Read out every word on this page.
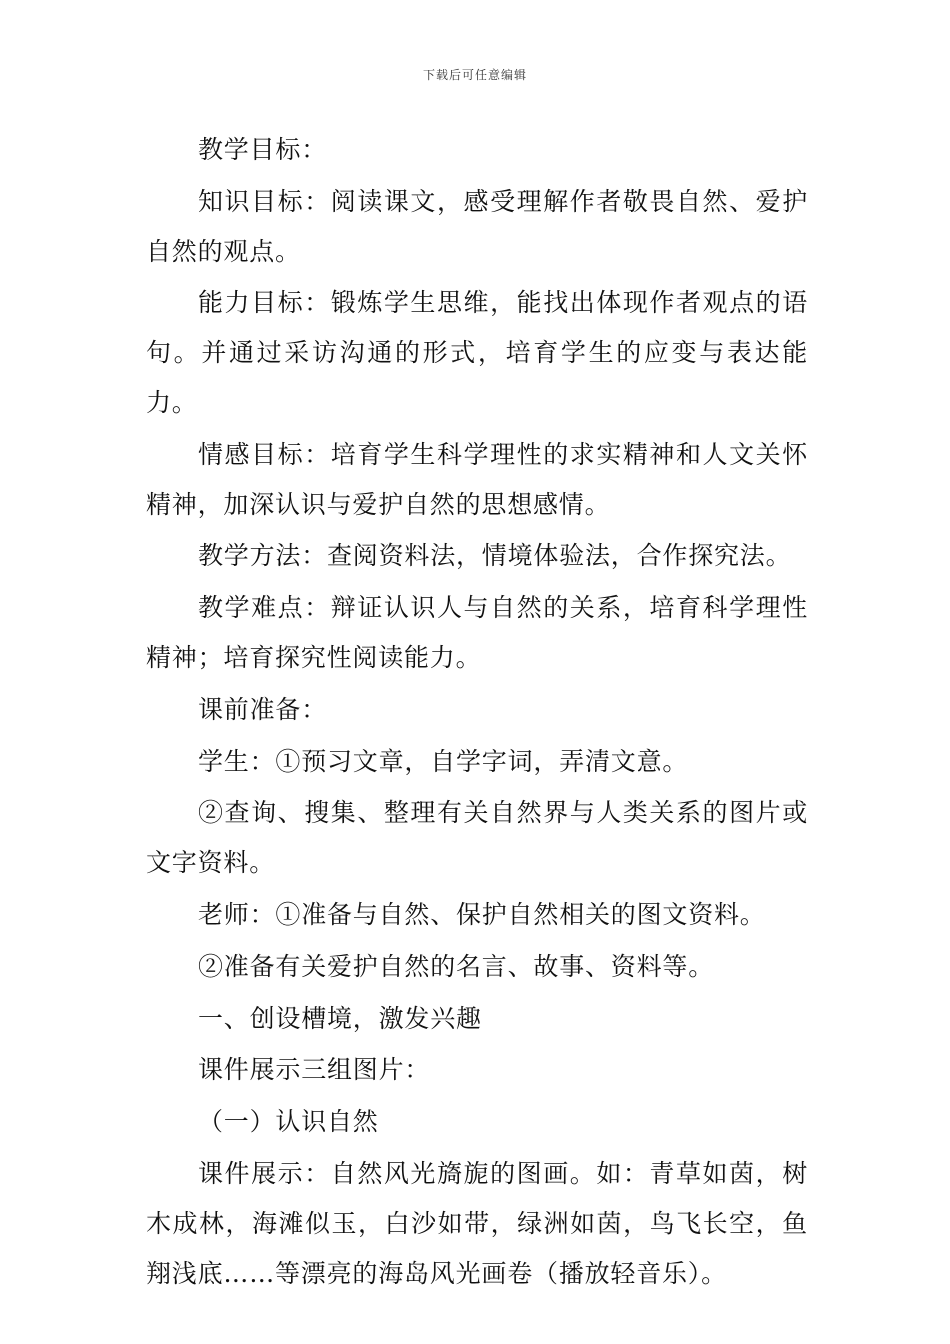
下载后可任意编辑

教学目标：

知识目标：阅读课文，感受理解作者敬畏自然、爱护自然的观点。

能力目标：锻炼学生思维，能找出体现作者观点的语句。并通过采访沟通的形式，培育学生的应变与表达能力。

情感目标：培育学生科学理性的求实精神和人文关怀精神，加深认识与爱护自然的思想感情。

教学方法：查阅资料法，情境体验法，合作探究法。

教学难点：辩证认识人与自然的关系，培育科学理性精神；培育探究性阅读能力。

课前准备：

学生：①预习文章，自学字词，弄清文意。

②查询、搜集、整理有关自然界与人类关系的图片或文字资料。

老师：①准备与自然、保护自然相关的图文资料。

②准备有关爱护自然的名言、故事、资料等。

一、创设槽境，激发兴趣

课件展示三组图片：

（一）认识自然

课件展示：自然风光旖旎的图画。如：青草如茵，树木成林，海滩似玉，白沙如带，绿洲如茵，鸟飞长空，鱼翔浅底……等漂亮的海岛风光画卷（播放轻音乐）。
